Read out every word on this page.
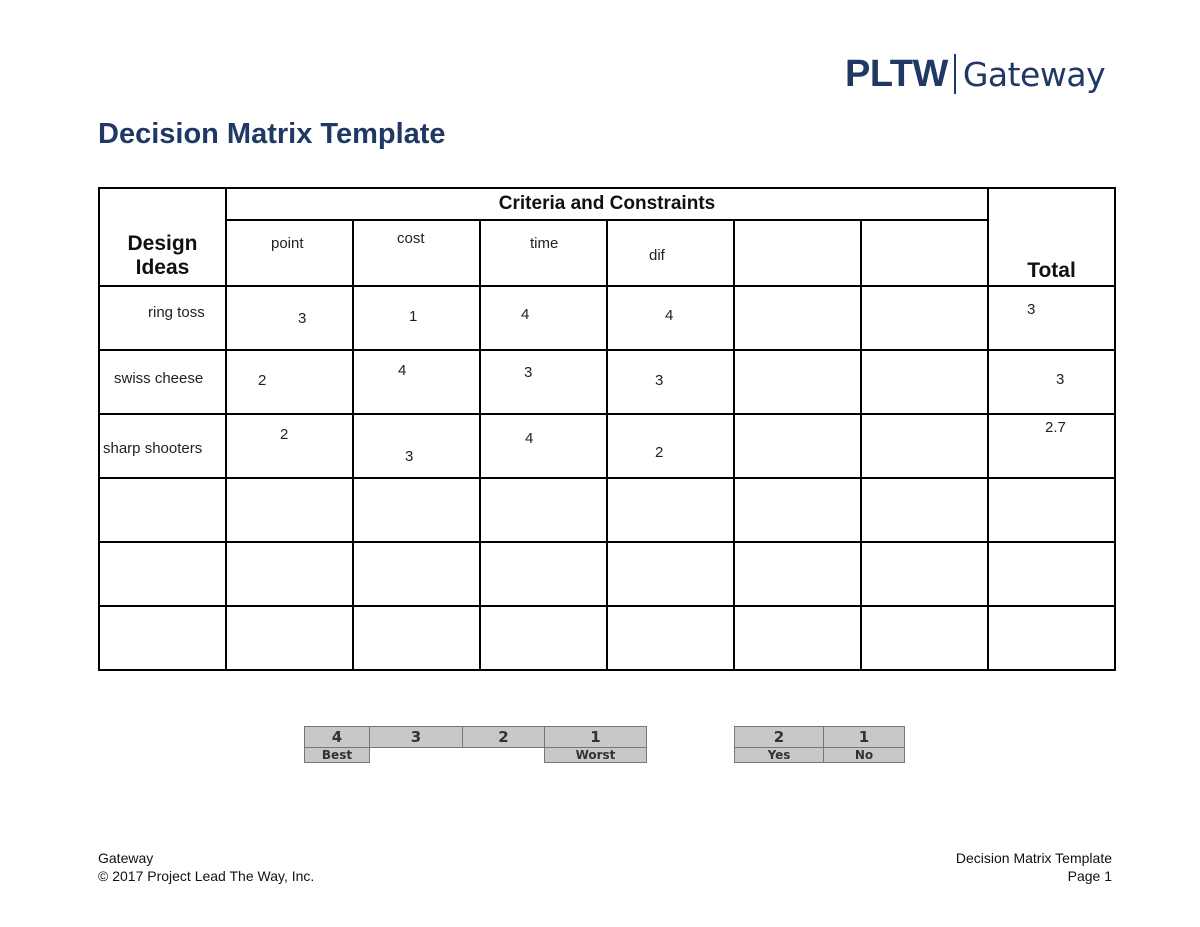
PLTW Gateway
Decision Matrix Template
Design Ideas	Criteria and Constraints						Total

	point	cost	time	dif			

ring toss	3	1	4	4			3

swiss cheese	2	4	3	3			3

sharp shooters	2	3	4	2			2.7

4	3	2	1
Best			Worst
2	1
Yes	No
Gateway
© 2017 Project Lead The Way, Inc.
Decision Matrix Template
Page 1
